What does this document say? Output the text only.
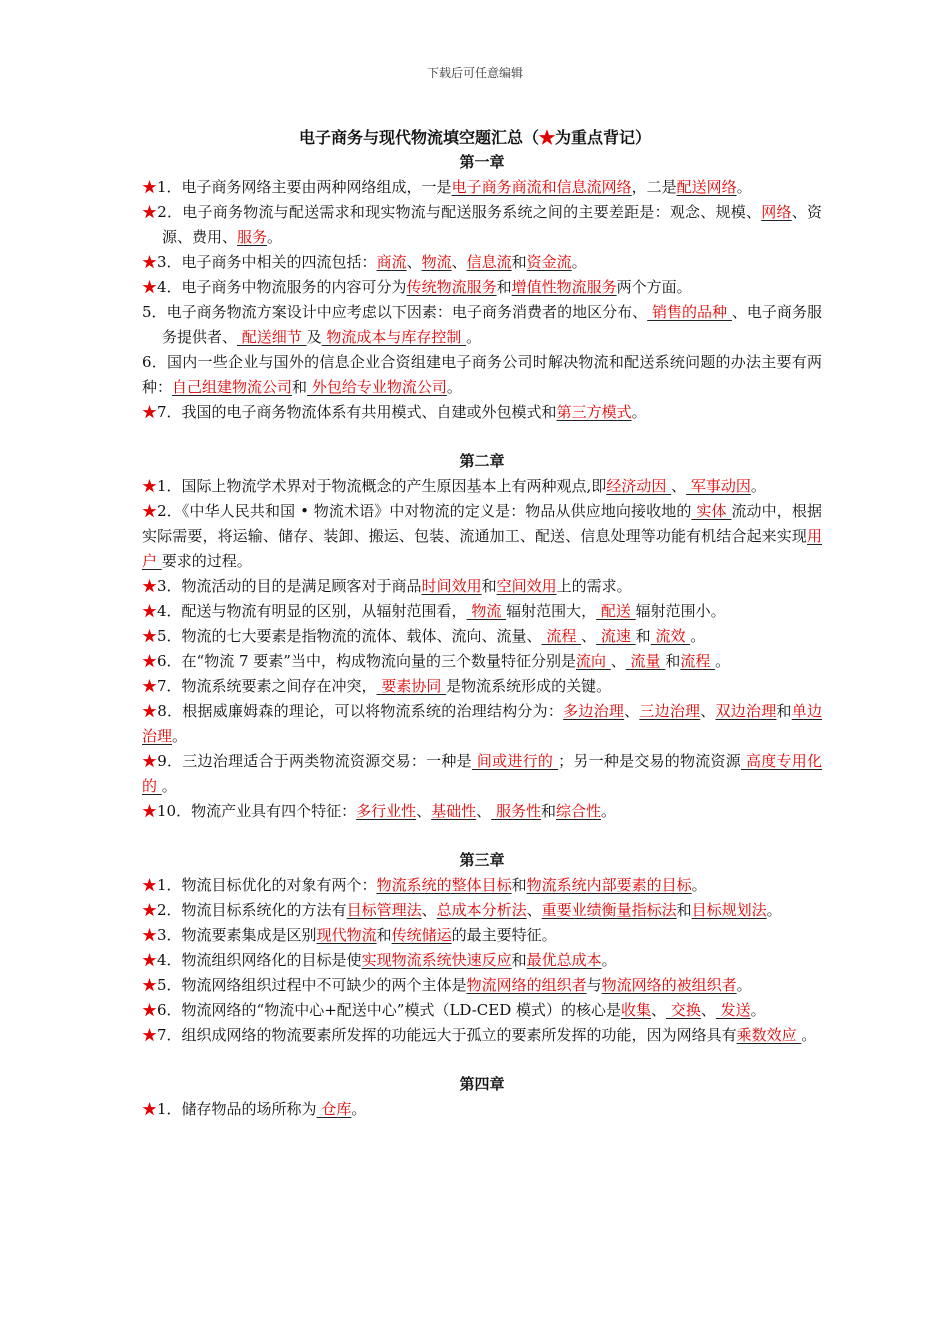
下载后可任意编辑
电子商务与现代物流填空题汇总（★为重点背记）
第一章
★1．电子商务网络主要由两种网络组成，一是电子商务商流和信息流网络，二是配送网络。
★2．电子商务物流与配送需求和现实物流与配送服务系统之间的主要差距是：观念、规模、网络、资源、费用、服务。
★3．电子商务中相关的四流包括：商流、物流、信息流和资金流。
★4．电子商务中物流服务的内容可分为传统物流服务和增值性物流服务两个方面。
5．电子商务物流方案设计中应考虑以下因素：电子商务消费者的地区分布、 销售的品种 、电子商务服务提供者、 配送细节 及 物流成本与库存控制 。
6．国内一些企业与国外的信息企业合资组建电子商务公司时解决物流和配送系统问题的办法主要有两种：自己组建物流公司和 外包给专业物流公司。
★7．我国的电子商务物流体系有共用模式、自建或外包模式和第三方模式。
第二章
★1．国际上物流学术界对于物流概念的产生原因基本上有两种观点,即经济动因 、 军事动因。
★2．《中华人民共和国 • 物流术语》中对物流的定义是：物品从供应地向接收地的 实体 流动中，根据实际需要，将运输、储存、装卸、搬运、包装、流通加工、配送、信息处理等功能有机结合起来实现用户 要求的过程。
★3．物流活动的目的是满足顾客对于商品时间效用和空间效用上的需求。
★4．配送与物流有明显的区别，从辐射范围看， 物流 辐射范围大， 配送 辐射范围小。
★5．物流的七大要素是指物流的流体、载体、流向、流量、 流程 、 流速 和 流效 。
★6．在“物流 7 要素”当中，构成物流向量的三个数量特征分别是流向 、 流量 和流程 。
★7．物流系统要素之间存在冲突， 要素协同 是物流系统形成的关键。
★8．根据威廉姆森的理论，可以将物流系统的治理结构分为：多边治理、三边治理、双边治理和单边治理。
★9．三边治理适合于两类物流资源交易：一种是 间或进行的 ；另一种是交易的物流资源 高度专用化的 。
★10．物流产业具有四个特征：多行业性、基础性、 服务性和综合性。
第三章
★1．物流目标优化的对象有两个：物流系统的整体目标和物流系统内部要素的目标。
★2．物流目标系统化的方法有目标管理法、总成本分析法、重要业绩衡量指标法和目标规划法。
★3．物流要素集成是区别现代物流和传统储运的最主要特征。
★4．物流组织网络化的目标是使实现物流系统快速反应和最优总成本。
★5．物流网络组织过程中不可缺少的两个主体是物流网络的组织者与物流网络的被组织者。
★6．物流网络的“物流中心+配送中心”模式（LD-CED 模式）的核心是收集、 交换、 发送。
★7．组织成网络的物流要素所发挥的功能远大于孤立的要素所发挥的功能，因为网络具有乘数效应 。
第四章
★1．储存物品的场所称为 仓库。
